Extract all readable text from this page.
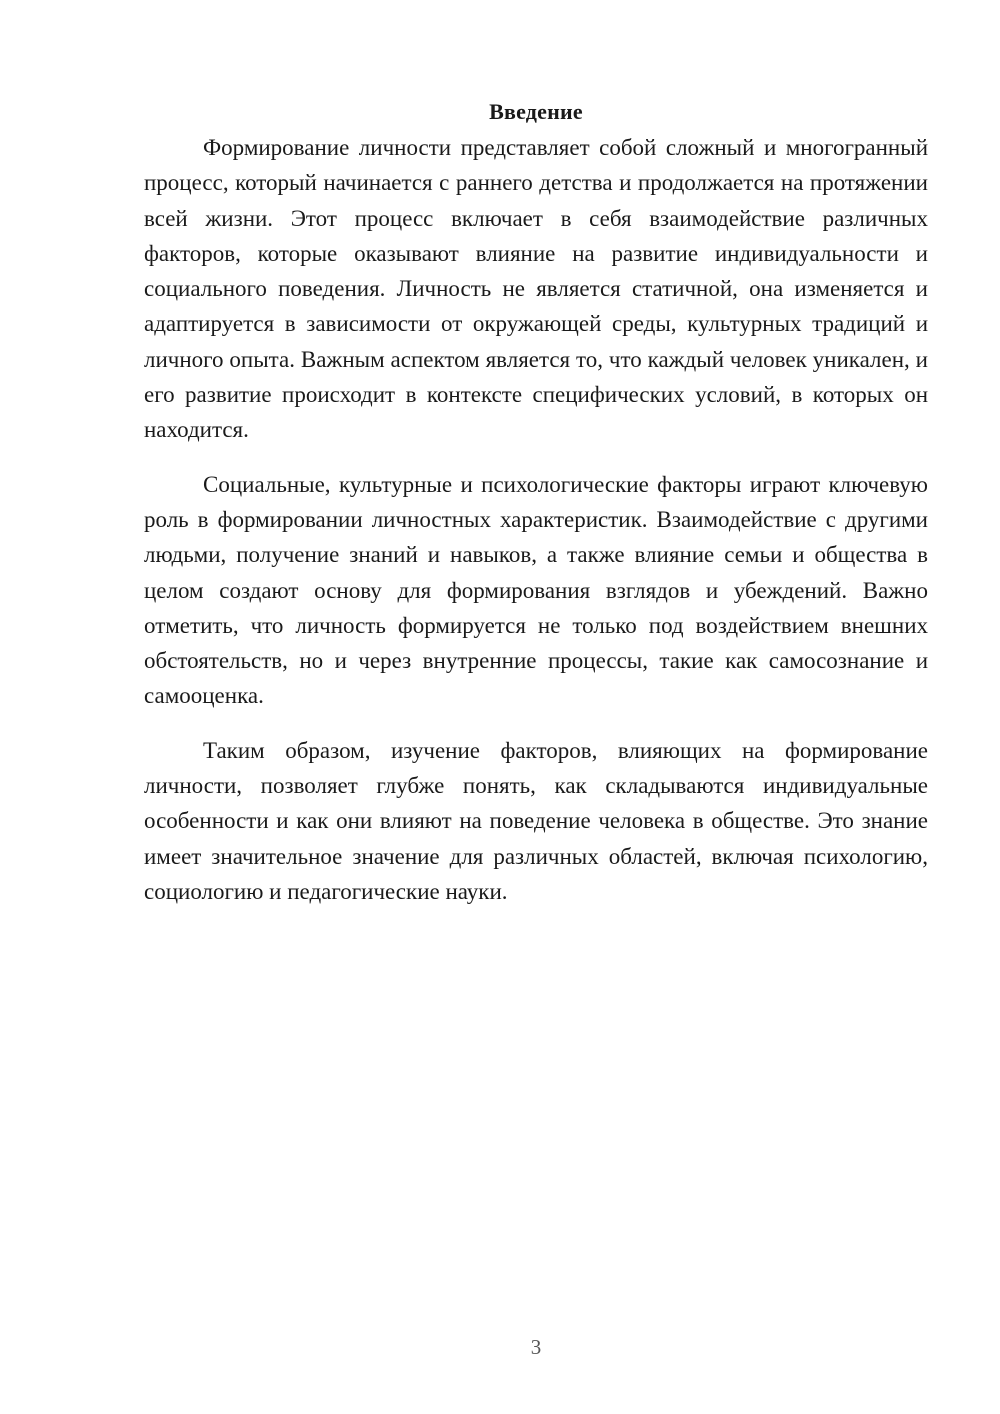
Введение

Формирование личности представляет собой сложный и многогранный процесс, который начинается с раннего детства и продолжается на протяжении всей жизни. Этот процесс включает в себя взаимодействие различных факторов, которые оказывают влияние на развитие индивидуальности и социального поведения. Личность не является статичной, она изменяется и адаптируется в зависимости от окружающей среды, культурных традиций и личного опыта. Важным аспектом является то, что каждый человек уникален, и его развитие происходит в контексте специфических условий, в которых он находится.

Социальные, культурные и психологические факторы играют ключевую роль в формировании личностных характеристик. Взаимодействие с другими людьми, получение знаний и навыков, а также влияние семьи и общества в целом создают основу для формирования взглядов и убеждений. Важно отметить, что личность формируется не только под воздействием внешних обстоятельств, но и через внутренние процессы, такие как самосознание и самооценка.

Таким образом, изучение факторов, влияющих на формирование личности, позволяет глубже понять, как складываются индивидуальные особенности и как они влияют на поведение человека в обществе. Это знание имеет значительное значение для различных областей, включая психологию, социологию и педагогические науки.

3
